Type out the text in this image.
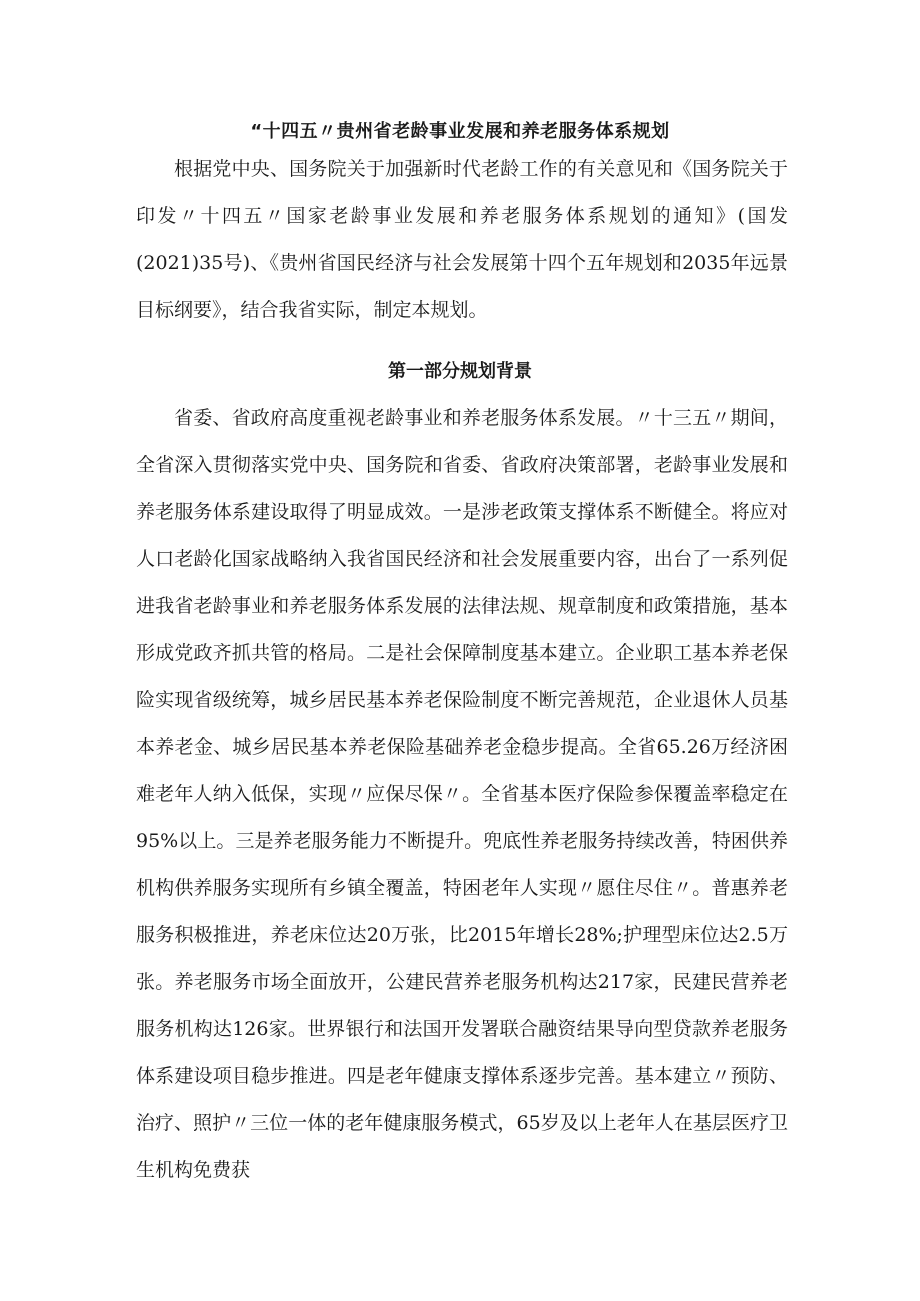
“十四五〃贵州省老龄事业发展和养老服务体系规划

根据党中央、国务院关于加强新时代老龄工作的有关意见和《国务院关于印发〃十四五〃国家老龄事业发展和养老服务体系规划的通知》(国发(2021)35号)、《贵州省国民经济与社会发展第十四个五年规划和2035年远景目标纲要》，结合我省实际，制定本规划。

第一部分规划背景

省委、省政府高度重视老龄事业和养老服务体系发展。〃十三五〃期间，全省深入贯彻落实党中央、国务院和省委、省政府决策部署，老龄事业发展和养老服务体系建设取得了明显成效。一是涉老政策支撑体系不断健全。将应对人口老龄化国家战略纳入我省国民经济和社会发展重要内容，出台了一系列促进我省老龄事业和养老服务体系发展的法律法规、规章制度和政策措施，基本形成党政齐抓共管的格局。二是社会保障制度基本建立。企业职工基本养老保险实现省级统筹，城乡居民基本养老保险制度不断完善规范，企业退休人员基本养老金、城乡居民基本养老保险基础养老金稳步提高。全省65.26万经济困难老年人纳入低保，实现〃应保尽保〃。全省基本医疗保险参保覆盖率稳定在95%以上。三是养老服务能力不断提升。兜底性养老服务持续改善，特困供养机构供养服务实现所有乡镇全覆盖，特困老年人实现〃愿住尽住〃。普惠养老服务积极推进，养老床位达20万张，比2015年增长28%;护理型床位达2.5万张。养老服务市场全面放开，公建民营养老服务机构达217家，民建民营养老服务机构达126家。世界银行和法国开发署联合融资结果导向型贷款养老服务体系建设项目稳步推进。四是老年健康支撑体系逐步完善。基本建立〃预防、治疗、照护〃三位一体的老年健康服务模式，65岁及以上老年人在基层医疗卫生机构免费获
